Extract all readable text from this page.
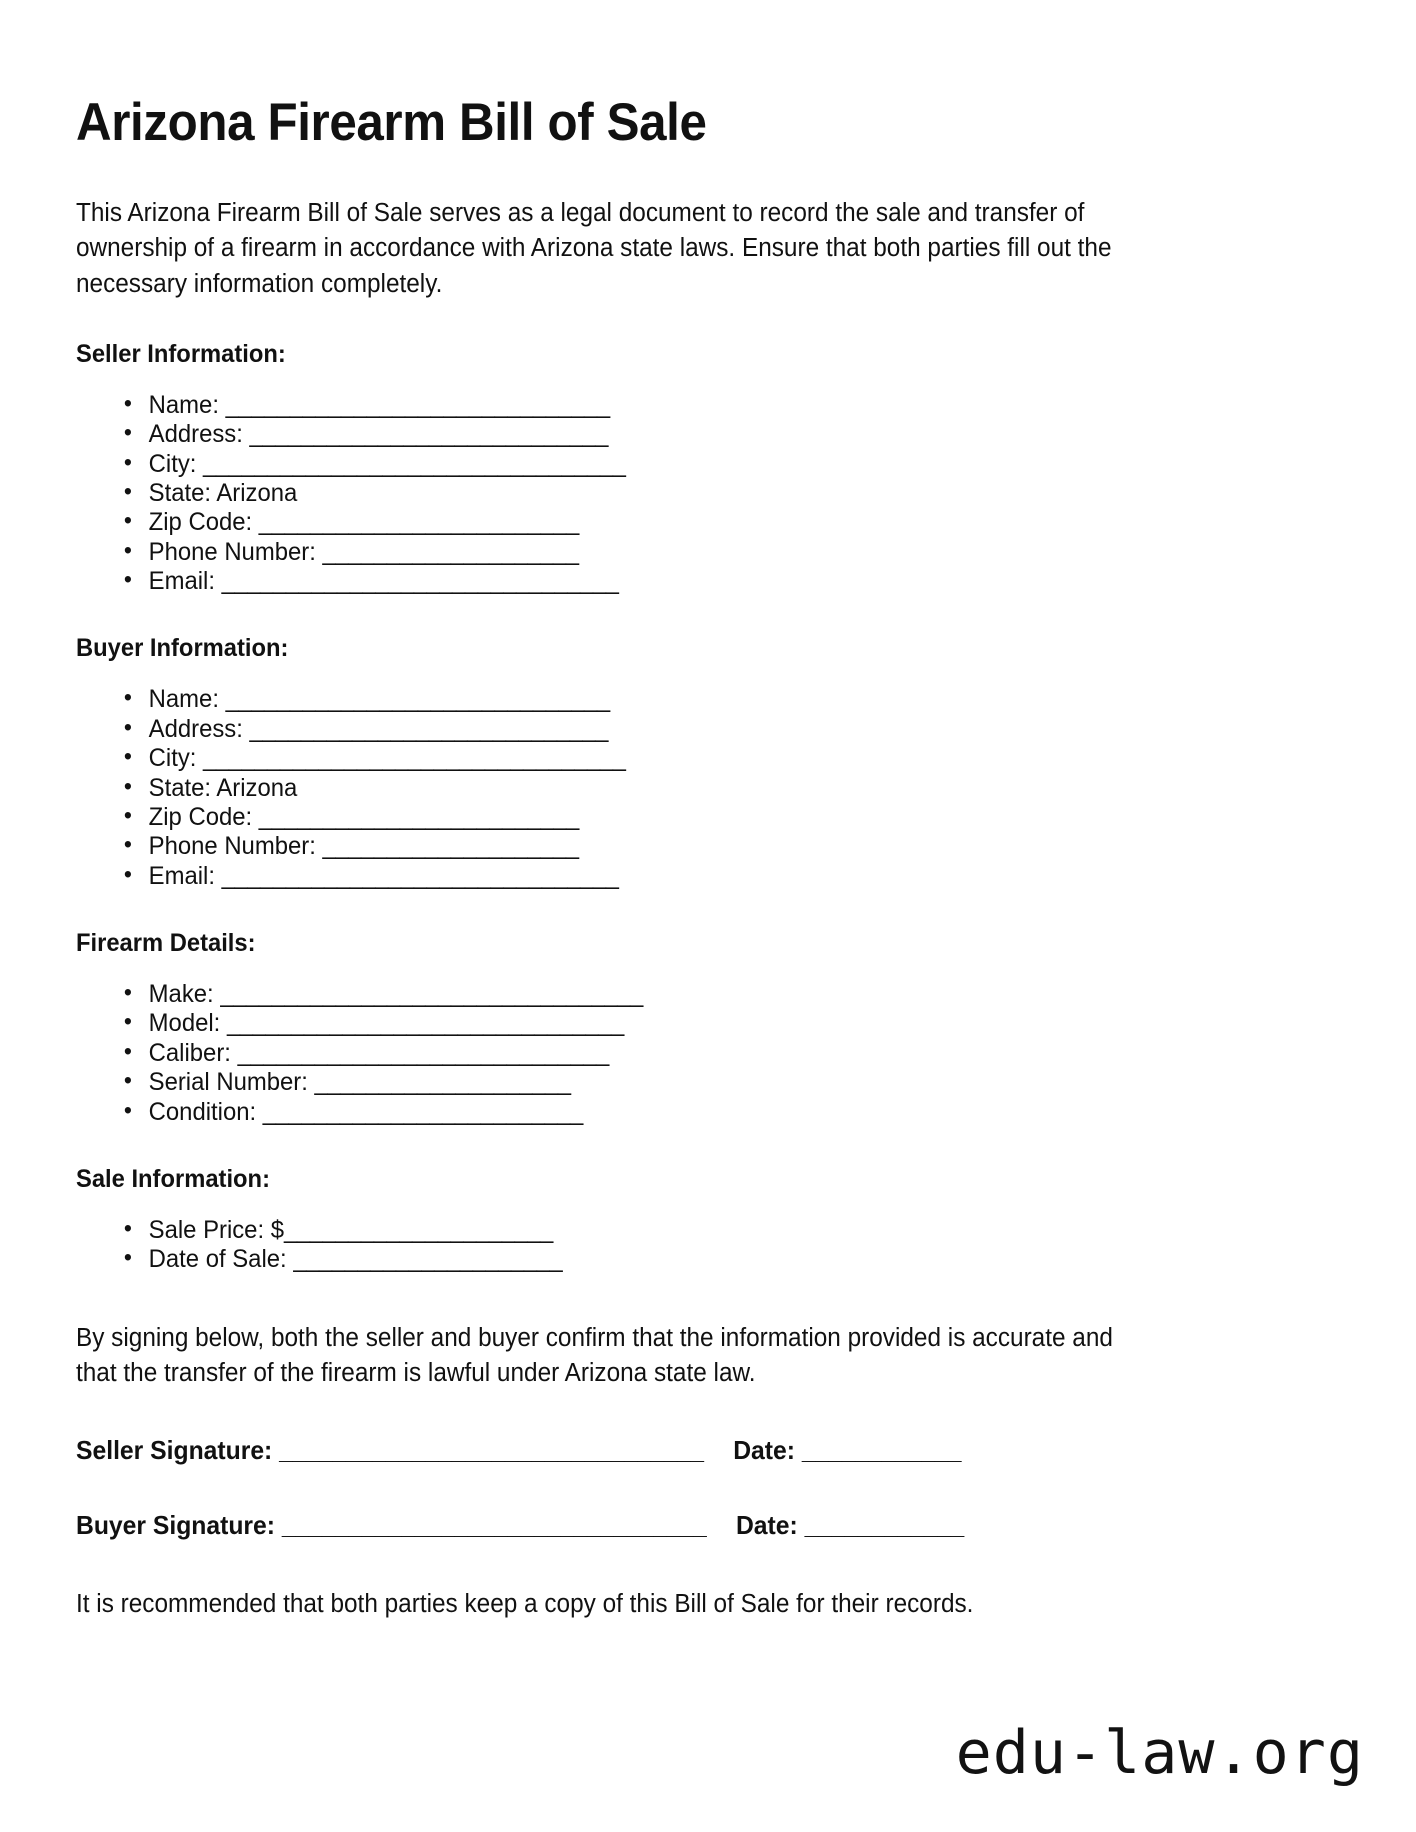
Arizona Firearm Bill of Sale

This Arizona Firearm Bill of Sale serves as a legal document to record the sale and transfer of ownership of a firearm in accordance with Arizona state laws. Ensure that both parties fill out the necessary information completely.

Seller Information:
• Name: ______________________________
• Address: ____________________________
• City: _________________________________
• State: Arizona
• Zip Code: _________________________
• Phone Number: ____________________
• Email: _______________________________
Buyer Information:
• Name: ______________________________
• Address: ____________________________
• City: _________________________________
• State: Arizona
• Zip Code: _________________________
• Phone Number: ____________________
• Email: _______________________________
Firearm Details:
• Make: _________________________________
• Model: _______________________________
• Caliber: _____________________________
• Serial Number: ____________________
• Condition: _________________________
Sale Information:
• Sale Price: $_____________________
• Date of Sale: _____________________

By signing below, both the seller and buyer confirm that the information provided is accurate and that the transfer of the firearm is lawful under Arizona state law.

Seller Signature: ________________________________ Date: ____________
Buyer Signature: ________________________________ Date: ____________

It is recommended that both parties keep a copy of this Bill of Sale for their records.

edu-law.org
